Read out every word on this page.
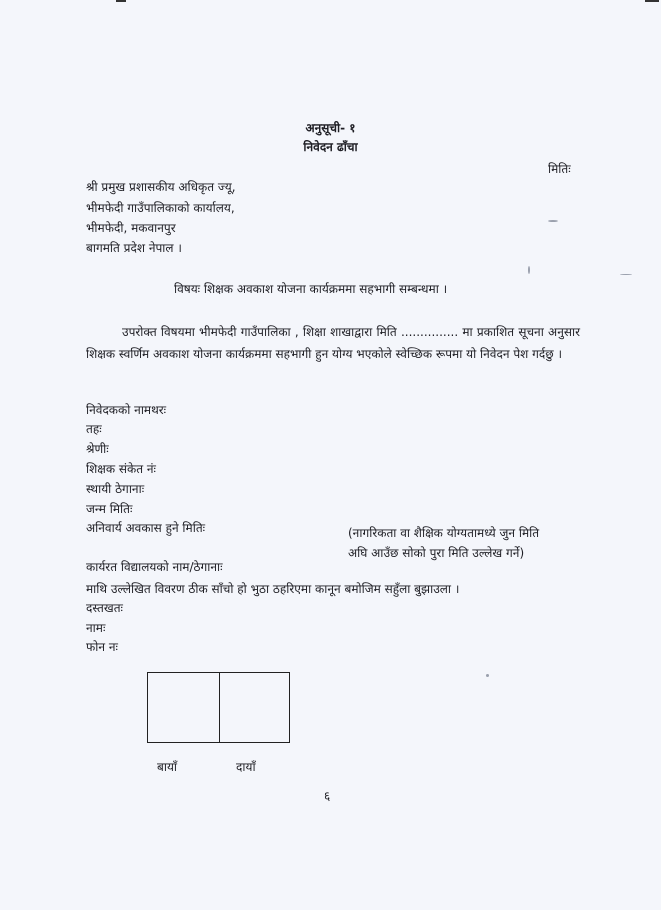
अनुसूची- १
निवेदन ढाँचा
मितिः
श्री प्रमुख प्रशासकीय अधिकृत ज्यू,
भीमफेदी गाउँपालिकाको कार्यालय,
भीमफेदी, मकवानपुर
बागमति प्रदेश नेपाल ।
विषयः शिक्षक अवकाश योजना कार्यक्रममा सहभागी सम्बन्धमा ।
उपरोक्त विषयमा भीमफेदी गाउँपालिका , शिक्षा शाखाद्वारा मिति ............... मा प्रकाशित सूचना अनुसार शिक्षक स्वर्णिम अवकाश योजना कार्यक्रममा सहभागी हुन योग्य भएकोले स्वेच्छिक रूपमा यो निवेदन पेश गर्दछु ।
निवेदकको नामथरः
तहः
श्रेणीः
शिक्षक संकेत नंः
स्थायी ठेगानाः
जन्म मितिः
अनिवार्य अवकास हुने मितिः	(नागरिकता वा शैक्षिक योग्यतामध्ये जुन मिति
अघि आउँछ सोको पुरा मिति उल्लेख गर्ने)
कार्यरत विद्यालयको नाम/ठेगानाः
माथि उल्लेखित विवरण ठीक साँचो हो भुठा ठहरिएमा कानून बमोजिम सहुँला बुझाउला ।
दस्तखतः
नामः
फोन नः
बायाँ	दायाँ
६
